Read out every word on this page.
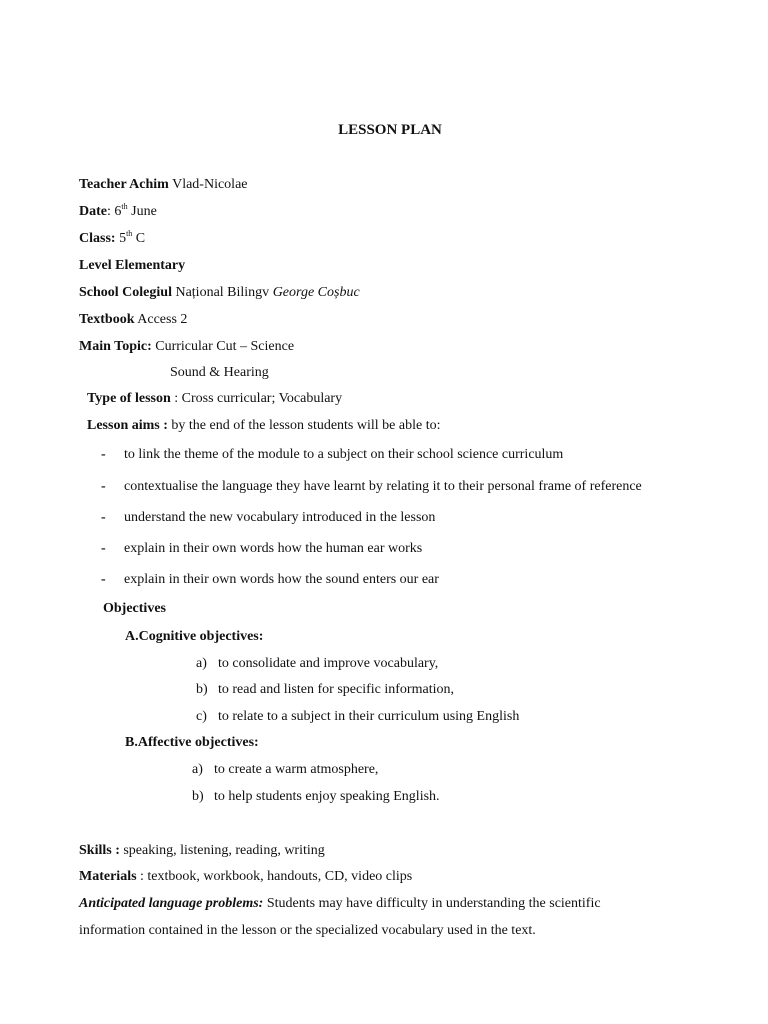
LESSON PLAN
Teacher Achim Vlad-Nicolae
Date: 6th June
Class: 5th C
Level Elementary
School Colegiul Național Bilingv George Coșbuc
Textbook Access 2
Main Topic: Curricular Cut – Science
Sound & Hearing
Type of lesson : Cross curricular; Vocabulary
Lesson aims : by the end of the lesson students will be able to:
- to link the theme of the module to a subject on their school science curriculum
- contextualise the language they have learnt by relating it to their personal frame of reference
- understand the new vocabulary introduced in the lesson
- explain in their own words how the human ear works
- explain in their own words how the sound enters our ear
Objectives
A.Cognitive objectives:
a) to consolidate and improve vocabulary,
b) to read and listen for specific information,
c) to relate to a subject in their curriculum using English
B.Affective objectives:
a) to create a warm atmosphere,
b) to help students enjoy speaking English.
Skills : speaking, listening, reading, writing
Materials : textbook, workbook, handouts, CD, video clips
Anticipated language problems: Students may have difficulty in understanding the scientific
information contained in the lesson or the specialized vocabulary used in the text.
